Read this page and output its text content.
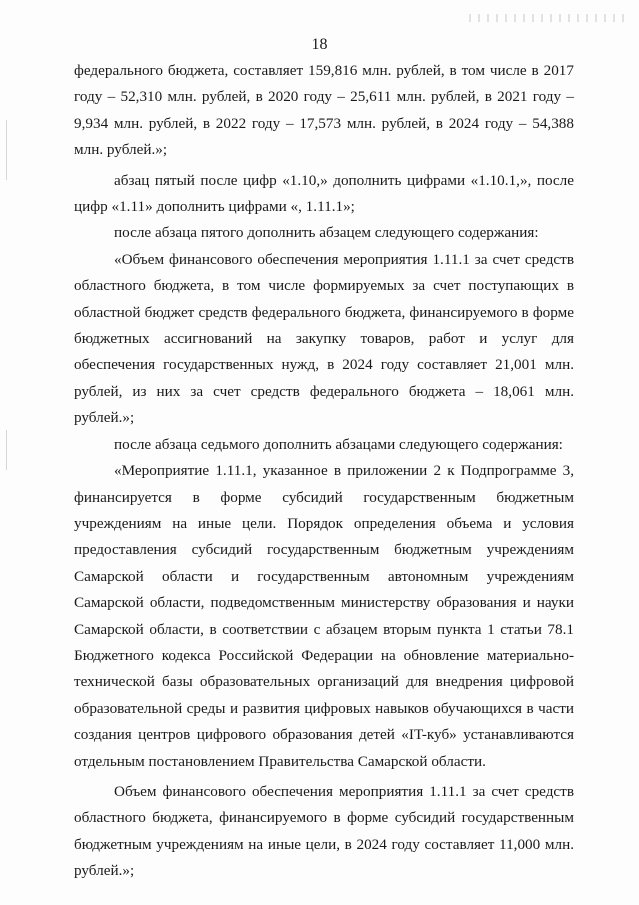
18

федерального бюджета, составляет 159,816 млн. рублей, в том числе в 2017 году – 52,310 млн. рублей, в 2020 году – 25,611 млн. рублей, в 2021 году – 9,934 млн. рублей, в 2022 году – 17,573 млн. рублей, в 2024 году – 54,388 млн. рублей.»;

абзац пятый после цифр «1.10,» дополнить цифрами «1.10.1,», после цифр «1.11» дополнить цифрами «, 1.11.1»;

после абзаца пятого дополнить абзацем следующего содержания:

«Объем финансового обеспечения мероприятия 1.11.1 за счет средств областного бюджета, в том числе формируемых за счет поступающих в областной бюджет средств федерального бюджета, финансируемого в форме бюджетных ассигнований на закупку товаров, работ и услуг для обеспечения государственных нужд, в 2024 году составляет 21,001 млн. рублей, из них за счет средств федерального бюджета – 18,061 млн. рублей.»;

после абзаца седьмого дополнить абзацами следующего содержания:

«Мероприятие 1.11.1, указанное в приложении 2 к Подпрограмме 3, финансируется в форме субсидий государственным бюджетным учреждениям на иные цели. Порядок определения объема и условия предоставления субсидий государственным бюджетным учреждениям Самарской области и государственным автономным учреждениям Самарской области, подведомственным министерству образования и науки Самарской области, в соответствии с абзацем вторым пункта 1 статьи 78.1 Бюджетного кодекса Российской Федерации на обновление материально-технической базы образовательных организаций для внедрения цифровой образовательной среды и развития цифровых навыков обучающихся в части создания центров цифрового образования детей «IT-куб» устанавливаются отдельным постановлением Правительства Самарской области.

Объем финансового обеспечения мероприятия 1.11.1 за счет средств областного бюджета, финансируемого в форме субсидий государственным бюджетным учреждениям на иные цели, в 2024 году составляет 11,000 млн. рублей.»;
